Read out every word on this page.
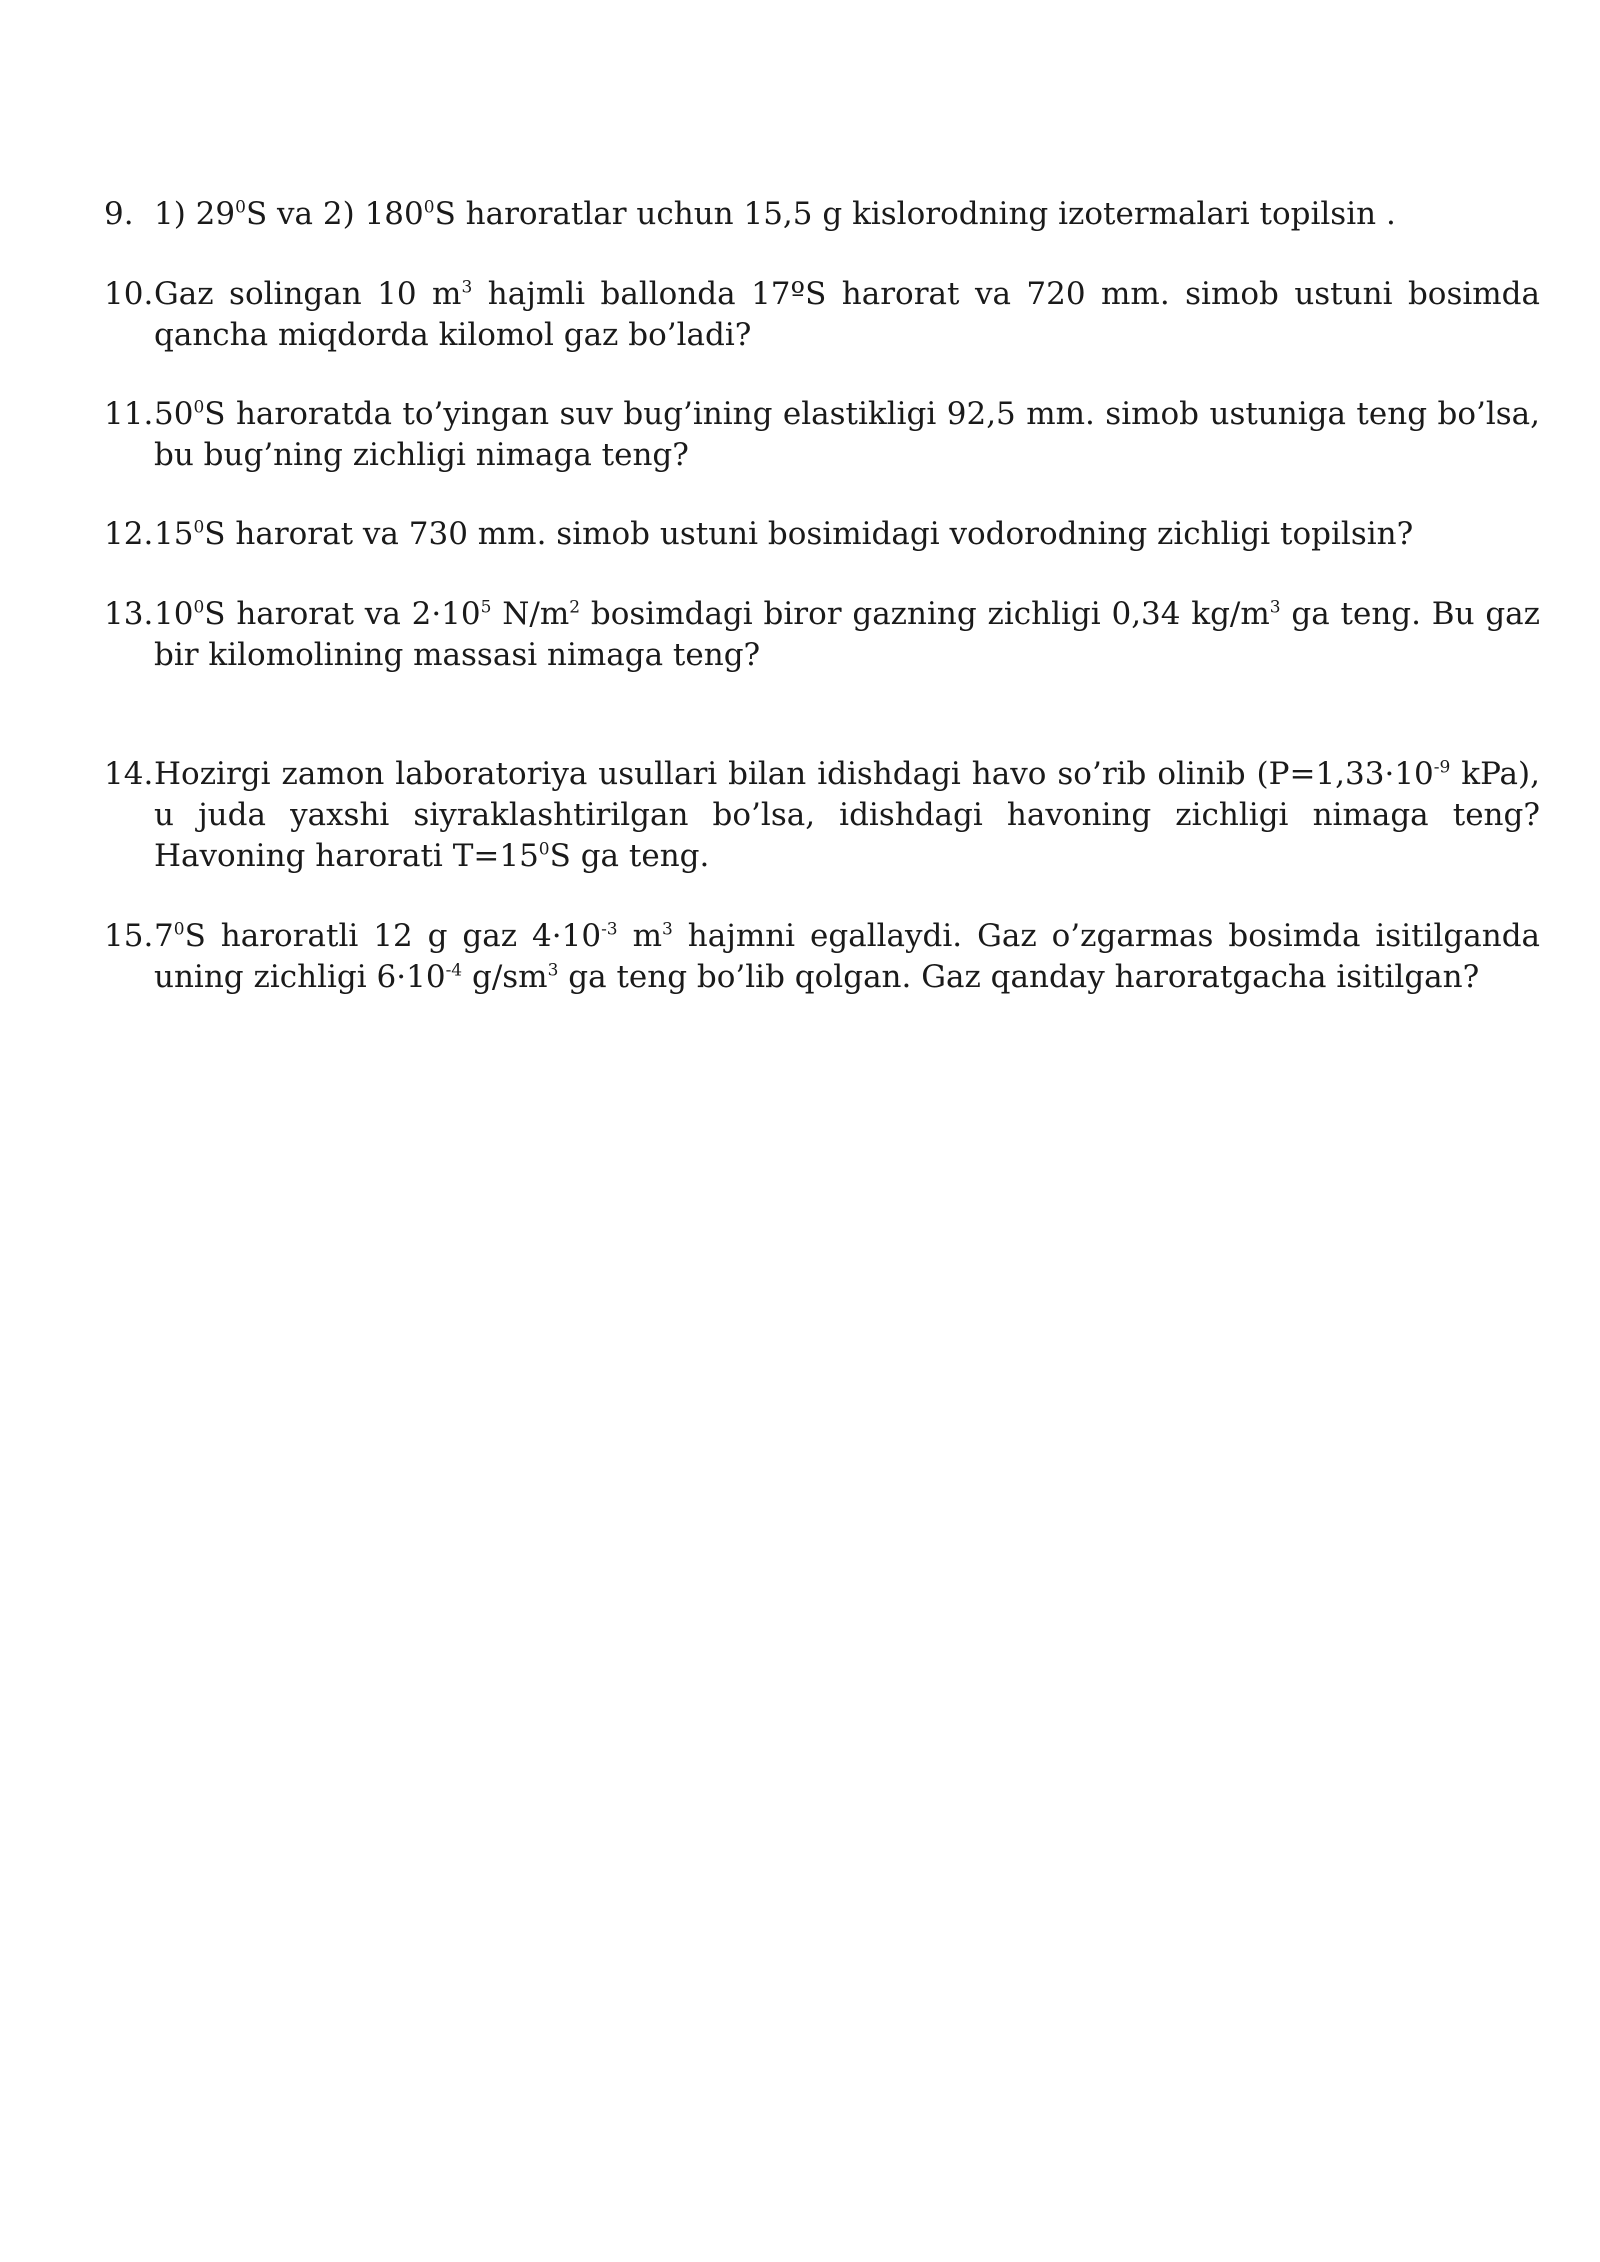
9. 1) $29^0S$ va 2) $180^0S$ haroratlar uchun 15,5 g kislorodning izotermalari topilsin .
10. Gaz solingan 10 $m^3$ hajmli ballonda 17ºS harorat va 720 mm. simob ustuni bosimda qancha miqdorda kilomol gaz bo’ladi?
11. $50^0S$ haroratda to’yingan suv bug’ining elastikligi 92,5 mm. simob ustuniga teng bo’lsa, bu bug’ning zichligi nimaga teng?
12. $15^0S$ harorat va 730 mm. simob ustuni bosimidagi vodorodning zichligi topilsin?
13. $10^0S$ harorat va $2\cdot 10^5$ $N/m^2$ bosimdagi biror gazning zichligi 0,34 $kg/m^3$ ga teng. Bu gaz bir kilomolining massasi nimaga teng?
14. Hozirgi zamon laboratoriya usullari bilan idishdagi havo so’rib olinib ($P=1,33\cdot 10^{-9}$ kPa), u juda yaxshi siyraklashtirilgan bo’lsa, idishdagi havoning zichligi nimaga teng? Havoning harorati $T=15^0S$ ga teng.
15. $7^0S$ haroratli 12 g gaz $4\cdot 10^{-3}$ $m^3$ hajmni egallaydi. Gaz o’zgarmas bosimda isitilganda uning zichligi $6\cdot 10^{-4}$ $g/sm^3$ ga teng bo’lib qolgan. Gaz qanday haroratgacha isitilgan?
